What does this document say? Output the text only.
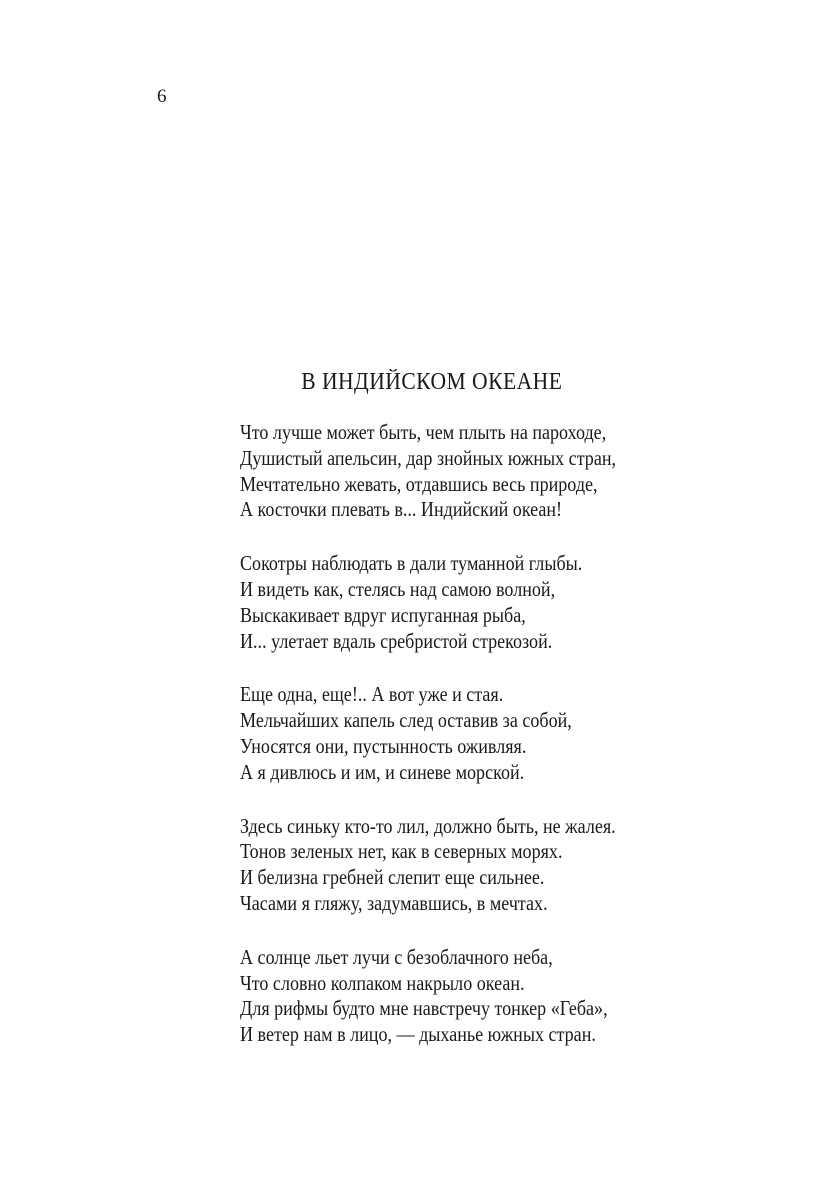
6
В ИНДИЙСКОМ ОКЕАНЕ
Что лучше может быть, чем плыть на пароходе,
Душистый апельсин, дар знойных южных стран,
Мечтательно жевать, отдавшись весь природе,
А косточки плевать в... Индийский океан!
Сокотры наблюдать в дали туманной глыбы.
И видеть как, стелясь над самою волной,
Выскакивает вдруг испуганная рыба,
И... улетает вдаль сребристой стрекозой.
Еще одна, еще!.. А вот уже и стая.
Мельчайших капель след оставив за собой,
Уносятся они, пустынность оживляя.
А я дивлюсь и им, и синеве морской.
Здесь синьку кто-то лил, должно быть, не жалея.
Тонов зеленых нет, как в северных морях.
И белизна гребней слепит еще сильнее.
Часами я гляжу, задумавшись, в мечтах.
А солнце льет лучи с безоблачного неба,
Что словно колпаком накрыло океан.
Для рифмы будто мне навстречу тонкер «Геба»,
И ветер нам в лицо, — дыханье южных стран.
